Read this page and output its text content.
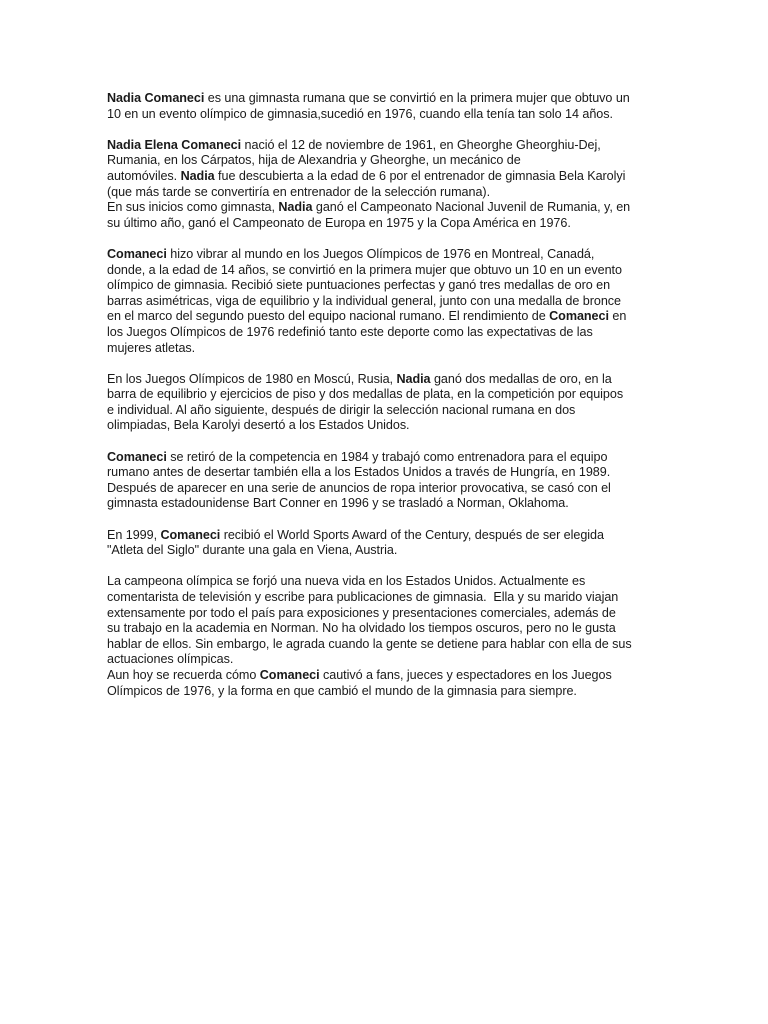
Nadia Comaneci es una gimnasta rumana que se convirtió en la primera mujer que obtuvo un
10 en un evento olímpico de gimnasia,sucedió en 1976, cuando ella tenía tan solo 14 años.
Nadia Elena Comaneci nació el 12 de noviembre de 1961, en Gheorghe Gheorghiu-Dej,
Rumania, en los Cárpatos, hija de Alexandria y Gheorghe, un mecánico de
automóviles. Nadia fue descubierta a la edad de 6 por el entrenador de gimnasia Bela Karolyi
(que más tarde se convertiría en entrenador de la selección rumana).
En sus inicios como gimnasta, Nadia ganó el Campeonato Nacional Juvenil de Rumania, y, en
su último año, ganó el Campeonato de Europa en 1975 y la Copa América en 1976.
Comaneci hizo vibrar al mundo en los Juegos Olímpicos de 1976 en Montreal, Canadá,
donde, a la edad de 14 años, se convirtió en la primera mujer que obtuvo un 10 en un evento
olímpico de gimnasia. Recibió siete puntuaciones perfectas y ganó tres medallas de oro en
barras asimétricas, viga de equilibrio y la individual general, junto con una medalla de bronce
en el marco del segundo puesto del equipo nacional rumano. El rendimiento de Comaneci en
los Juegos Olímpicos de 1976 redefinió tanto este deporte como las expectativas de las
mujeres atletas.
En los Juegos Olímpicos de 1980 en Moscú, Rusia, Nadia ganó dos medallas de oro, en la
barra de equilibrio y ejercicios de piso y dos medallas de plata, en la competición por equipos
e individual. Al año siguiente, después de dirigir la selección nacional rumana en dos
olimpiadas, Bela Karolyi desertó a los Estados Unidos.
Comaneci se retiró de la competencia en 1984 y trabajó como entrenadora para el equipo
rumano antes de desertar también ella a los Estados Unidos a través de Hungría, en 1989.
Después de aparecer en una serie de anuncios de ropa interior provocativa, se casó con el
gimnasta estadounidense Bart Conner en 1996 y se trasladó a Norman, Oklahoma.
En 1999, Comaneci recibió el World Sports Award of the Century, después de ser elegida
"Atleta del Siglo" durante una gala en Viena, Austria.
La campeona olímpica se forjó una nueva vida en los Estados Unidos. Actualmente es
comentarista de televisión y escribe para publicaciones de gimnasia.  Ella y su marido viajan
extensamente por todo el país para exposiciones y presentaciones comerciales, además de
su trabajo en la academia en Norman. No ha olvidado los tiempos oscuros, pero no le gusta
hablar de ellos. Sin embargo, le agrada cuando la gente se detiene para hablar con ella de sus
actuaciones olímpicas.
Aun hoy se recuerda cómo Comaneci cautivó a fans, jueces y espectadores en los Juegos
Olímpicos de 1976, y la forma en que cambió el mundo de la gimnasia para siempre.
